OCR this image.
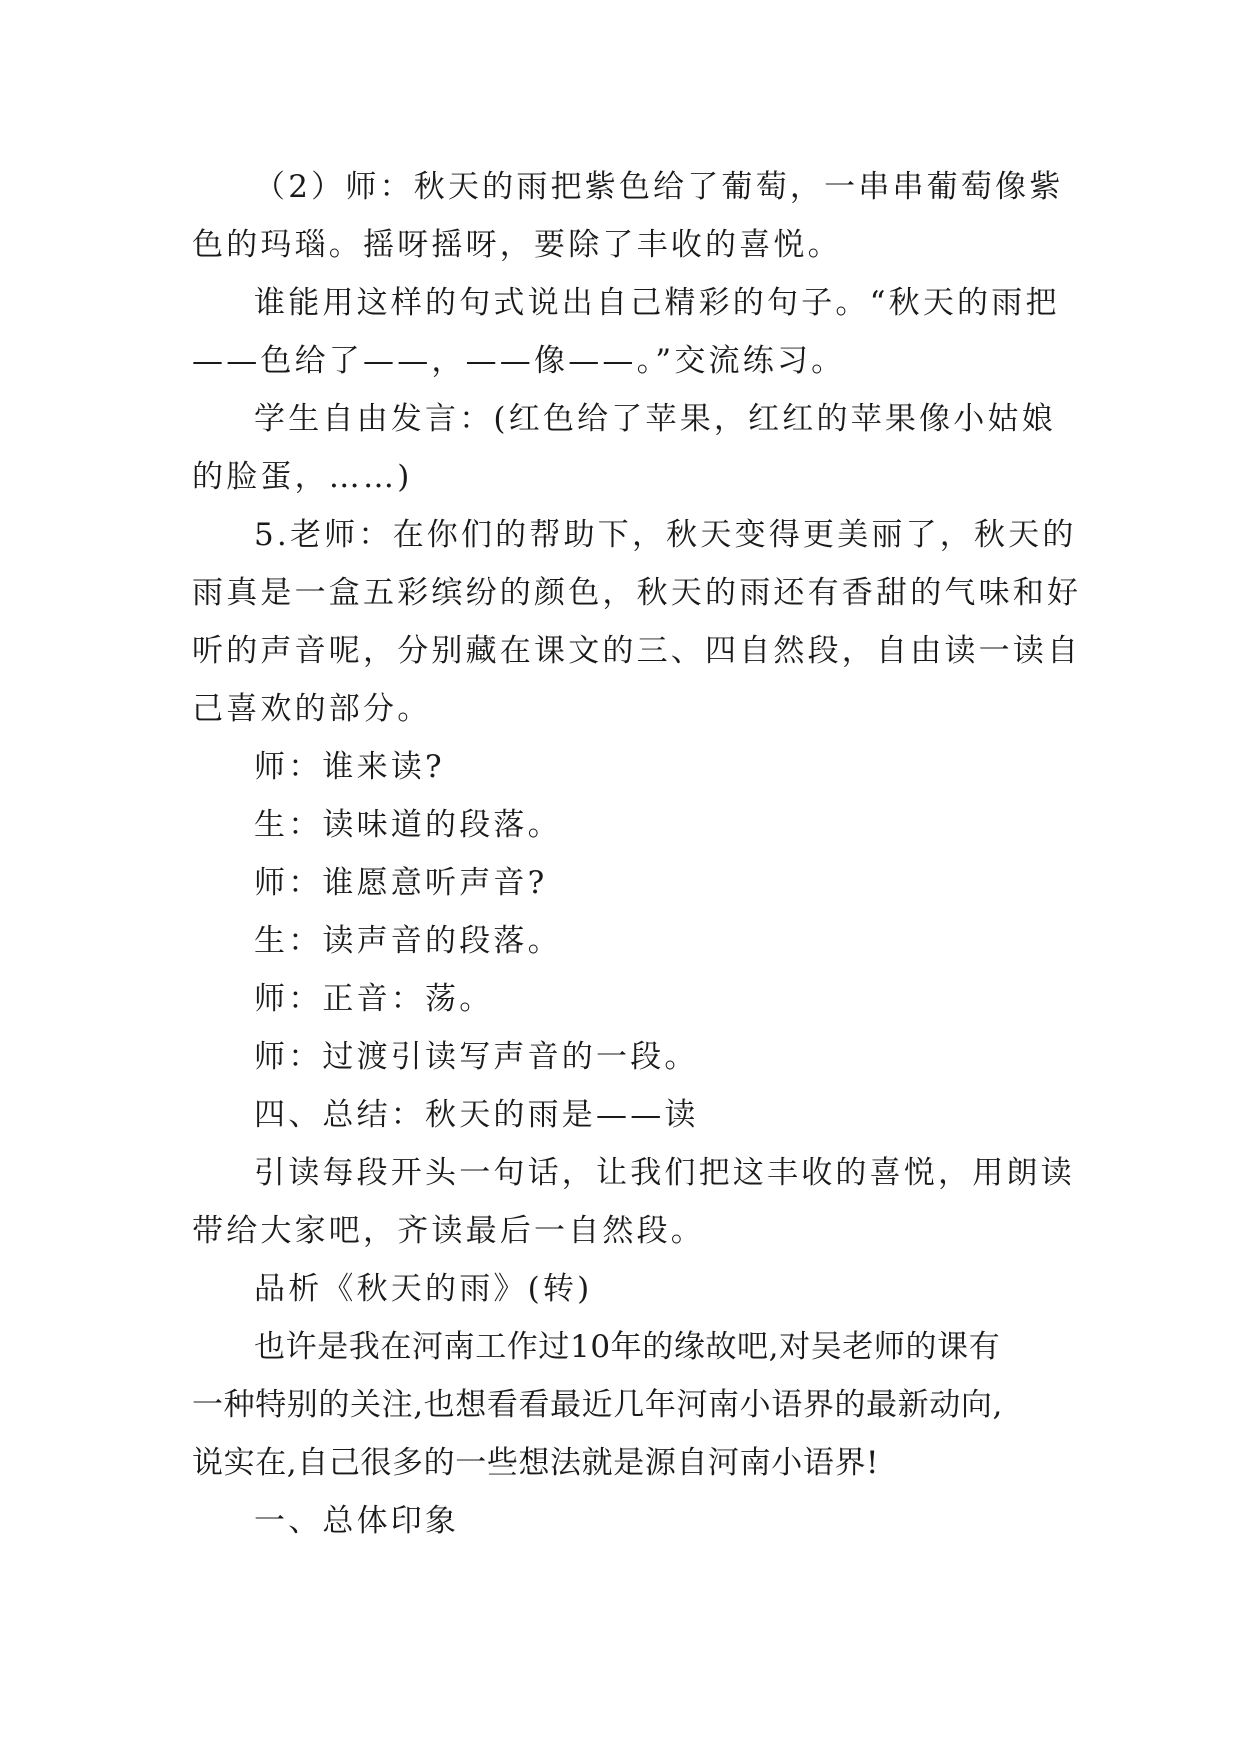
（2）师：秋天的雨把紫色给了葡萄，一串串葡萄像紫
色的玛瑙。摇呀摇呀，要除了丰收的喜悦。
谁能用这样的句式说出自己精彩的句子。“秋天的雨把
——色给了——，——像——。”交流练习。
学生自由发言：(红色给了苹果，红红的苹果像小姑娘
的脸蛋，……)
5.老师：在你们的帮助下，秋天变得更美丽了，秋天的
雨真是一盒五彩缤纷的颜色，秋天的雨还有香甜的气味和好
听的声音呢，分别藏在课文的三、四自然段，自由读一读自
己喜欢的部分。
师：谁来读?
生：读味道的段落。
师：谁愿意听声音?
生：读声音的段落。
师：正音：荡。
师：过渡引读写声音的一段。
四、总结：秋天的雨是——读
引读每段开头一句话，让我们把这丰收的喜悦，用朗读
带给大家吧，齐读最后一自然段。
品析《秋天的雨》(转)
也许是我在河南工作过10年的缘故吧,对吴老师的课有
一种特别的关注,也想看看最近几年河南小语界的最新动向,
说实在,自己很多的一些想法就是源自河南小语界!
一、总体印象
